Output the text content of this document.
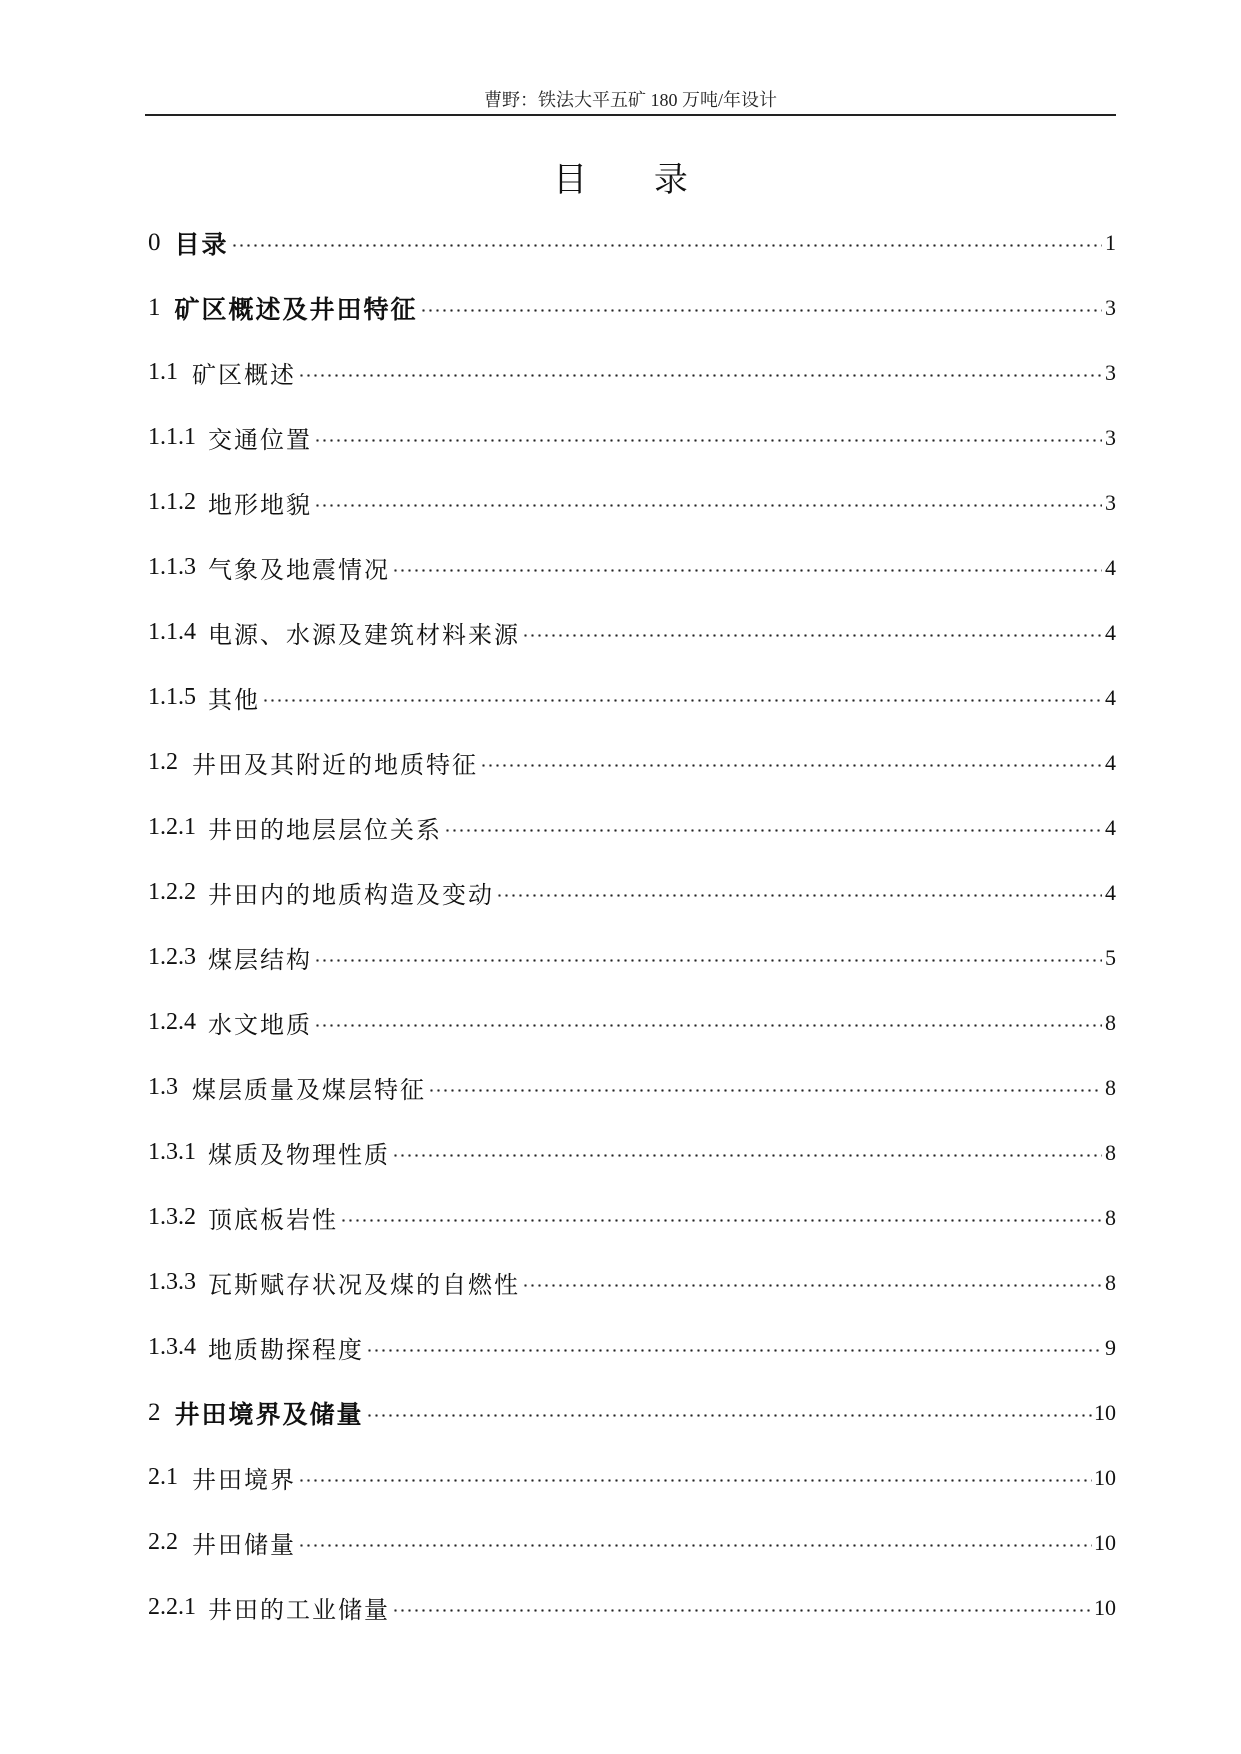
曹野：铁法大平五矿 180 万吨/年设计
目 录
0 目录	1
1 矿区概述及井田特征	3
1.1 矿区概述	3
1.1.1 交通位置	3
1.1.2 地形地貌	3
1.1.3 气象及地震情况	4
1.1.4 电源、水源及建筑材料来源	4
1.1.5 其他	4
1.2 井田及其附近的地质特征	4
1.2.1 井田的地层层位关系	4
1.2.2 井田内的地质构造及变动	4
1.2.3 煤层结构	5
1.2.4 水文地质	8
1.3 煤层质量及煤层特征	8
1.3.1 煤质及物理性质	8
1.3.2 顶底板岩性	8
1.3.3 瓦斯赋存状况及煤的自燃性	8
1.3.4 地质勘探程度	9
2 井田境界及储量	10
2.1 井田境界	10
2.2 井田储量	10
2.2.1 井田的工业储量	10
